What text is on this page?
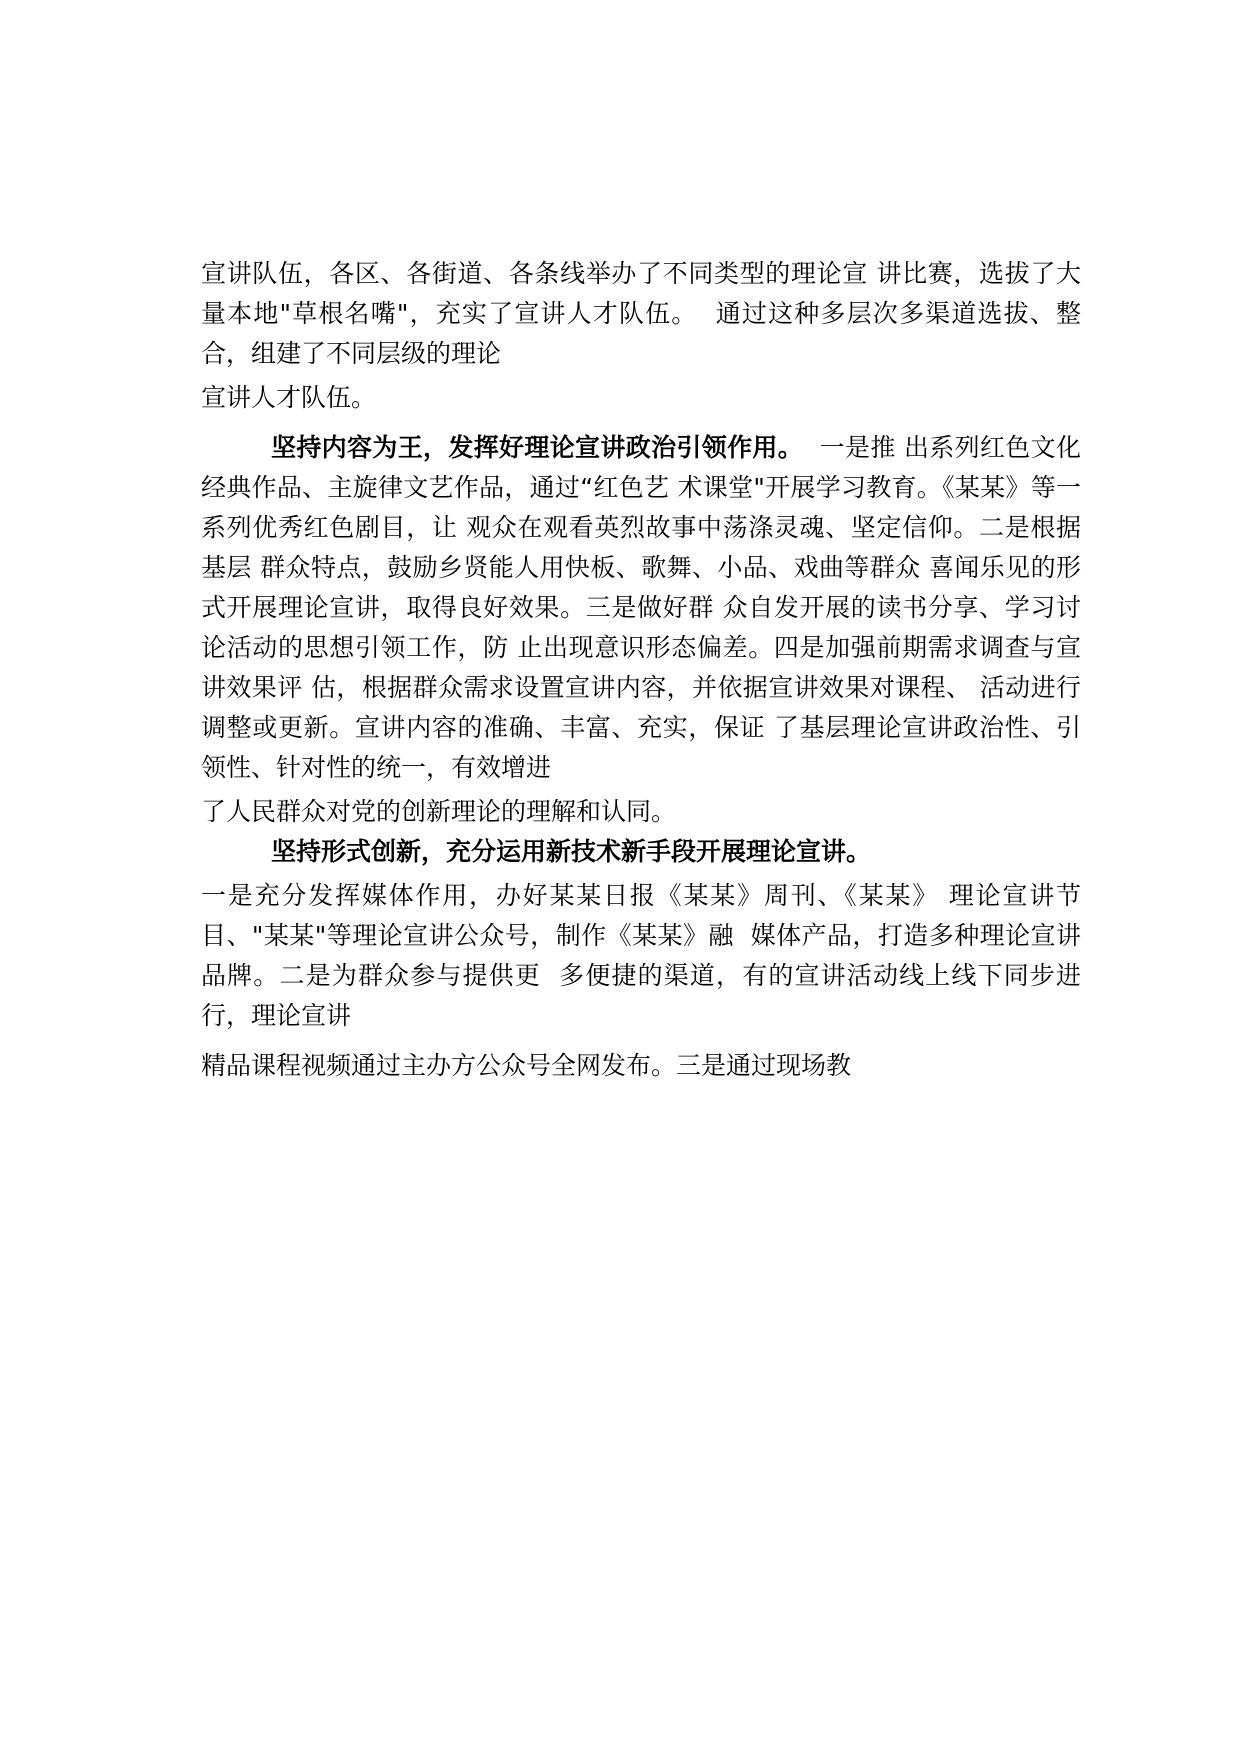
宣讲队伍，各区、各街道、各条线举办了不同类型的理论宣 讲比赛，选拔了大量本地"草根名嘴"，充实了宣讲人才队伍。  通过这种多层次多渠道选拔、整合，组建了不同层级的理论

宣讲人才队伍。

坚持内容为王，发挥好理论宣讲政治引领作用。  一是推 出系列红色文化经典作品、主旋律文艺作品，通过“红色艺 术课堂"开展学习教育。《某某》等一系列优秀红色剧目，让 观众在观看英烈故事中荡涤灵魂、坚定信仰。二是根据基层 群众特点，鼓励乡贤能人用快板、歌舞、小品、戏曲等群众 喜闻乐见的形式开展理论宣讲，取得良好效果。三是做好群 众自发开展的读书分享、学习讨论活动的思想引领工作，防 止出现意识形态偏差。四是加强前期需求调查与宣讲效果评 估，根据群众需求设置宣讲内容，并依据宣讲效果对课程、 活动进行调整或更新。宣讲内容的准确、丰富、充实，保证 了基层理论宣讲政治性、引领性、针对性的统一，有效增进

了人民群众对党的创新理论的理解和认同。

坚持形式创新，充分运用新技术新手段开展理论宣讲。

一是充分发挥媒体作用，办好某某日报《某某》周刊、《某某》 理论宣讲节目、"某某"等理论宣讲公众号，制作《某某》融  媒体产品，打造多种理论宣讲品牌。二是为群众参与提供更  多便捷的渠道，有的宣讲活动线上线下同步进行，理论宣讲

精品课程视频通过主办方公众号全网发布。三是通过现场教
